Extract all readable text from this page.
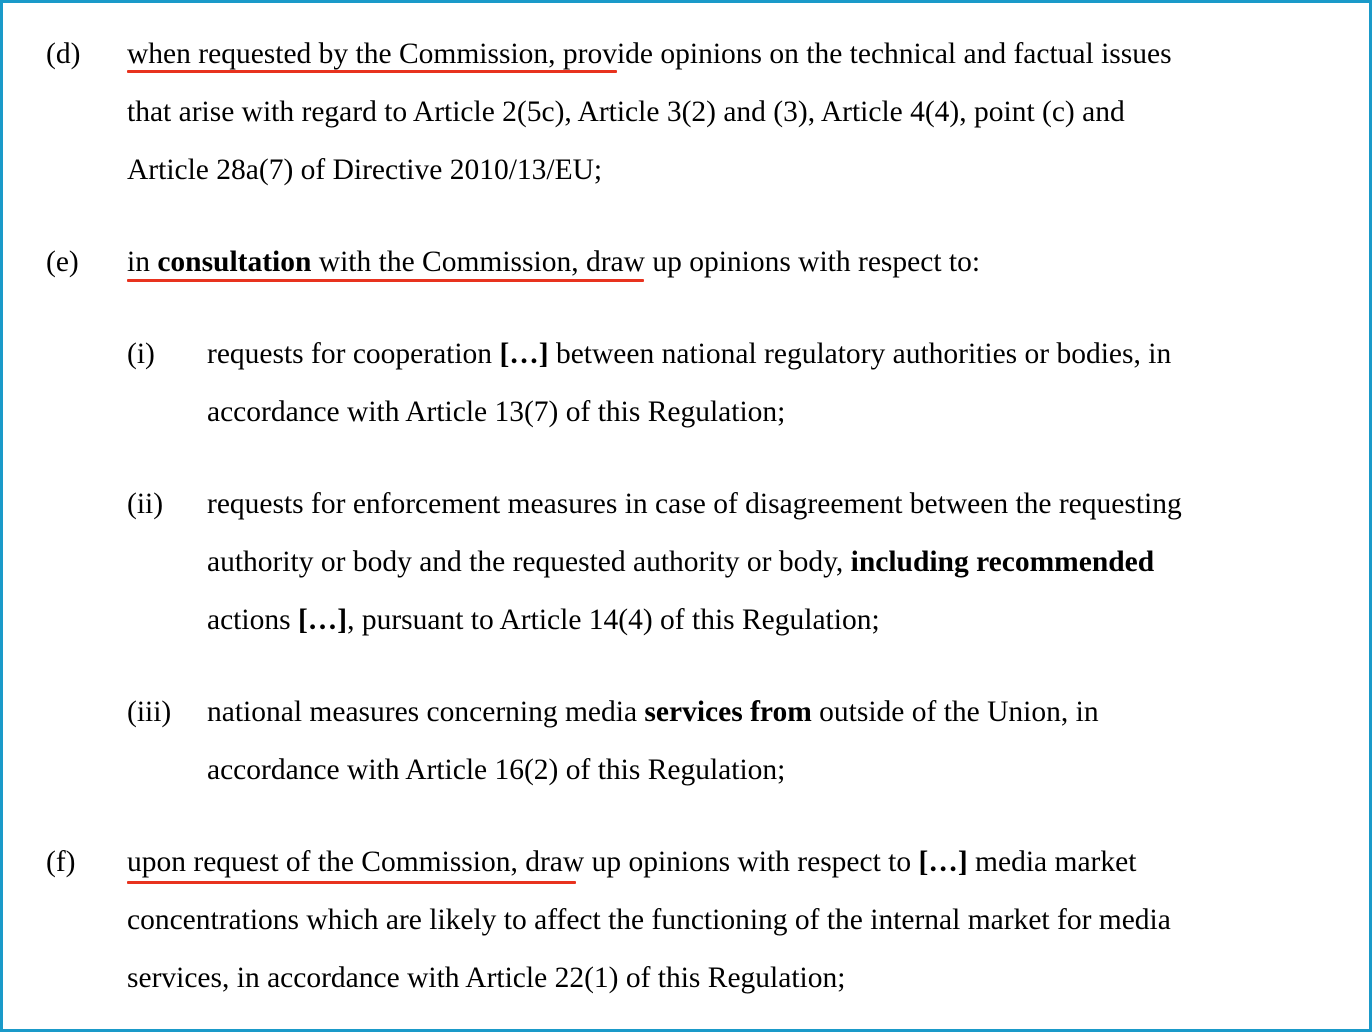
(d) when requested by the Commission, provide opinions on the technical and factual issues
that arise with regard to Article 2(5c), Article 3(2) and (3), Article 4(4), point (c) and
Article 28a(7) of Directive 2010/13/EU;
(e) in consultation with the Commission, draw up opinions with respect to:
(i) requests for cooperation […] between national regulatory authorities or bodies, in
accordance with Article 13(7) of this Regulation;
(ii) requests for enforcement measures in case of disagreement between the requesting
authority or body and the requested authority or body, including recommended
actions […], pursuant to Article 14(4) of this Regulation;
(iii) national measures concerning media services from outside of the Union, in
accordance with Article 16(2) of this Regulation;
(f) upon request of the Commission, draw up opinions with respect to […] media market
concentrations which are likely to affect the functioning of the internal market for media
services, in accordance with Article 22(1) of this Regulation;
